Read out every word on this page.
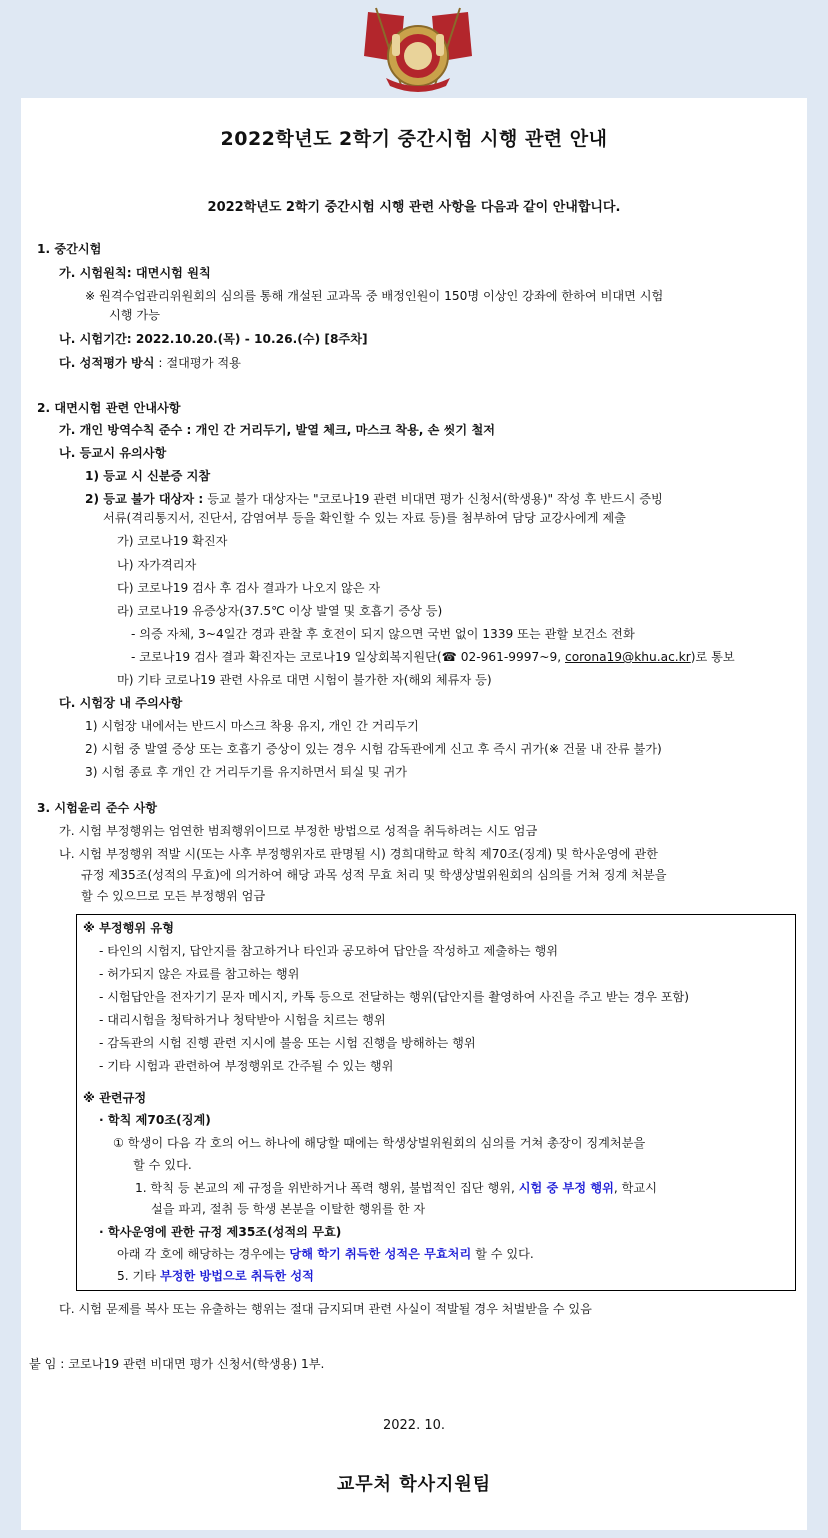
2022학년도 2학기 중간시험 시행 관련 안내
2022학년도 2학기 중간시험 시행 관련 사항을 다음과 같이 안내합니다.
1. 중간시험
가. 시험원칙: 대면시험 원칙
※ 원격수업관리위원회의 심의를 통해 개설된 교과목 중 배정인원이 150명 이상인 강좌에 한하여 비대면 시험
시행 가능
나. 시험기간: 2022.10.20.(목) - 10.26.(수) [8주차]
다. 성적평가 방식 : 절대평가 적용
2. 대면시험 관련 안내사항
가. 개인 방역수칙 준수 : 개인 간 거리두기, 발열 체크, 마스크 착용, 손 씻기 철저
나. 등교시 유의사항
1) 등교 시 신분증 지참
2) 등교 불가 대상자 : 등교 불가 대상자는 "코로나19 관련 비대면 평가 신청서(학생용)" 작성 후 반드시 증빙
서류(격리통지서, 진단서, 감염여부 등을 확인할 수 있는 자료 등)를 첨부하여 담당 교강사에게 제출
가) 코로나19 확진자
나) 자가격리자
다) 코로나19 검사 후 검사 결과가 나오지 않은 자
라) 코로나19 유증상자(37.5℃ 이상 발열 및 호흡기 증상 등)
- 의증 자체, 3~4일간 경과 관찰 후 호전이 되지 않으면 국번 없이 1339 또는 관할 보건소 전화
- 코로나19 검사 결과 확진자는 코로나19 일상회복지원단(☎ 02-961-9997~9, corona19@khu.ac.kr)로 통보
마) 기타 코로나19 관련 사유로 대면 시험이 불가한 자(해외 체류자 등)
다. 시험장 내 주의사항
1) 시험장 내에서는 반드시 마스크 착용 유지, 개인 간 거리두기
2) 시험 중 발열 증상 또는 호흡기 증상이 있는 경우 시험 감독관에게 신고 후 즉시 귀가(※ 건물 내 잔류 불가)
3) 시험 종료 후 개인 간 거리두기를 유지하면서 퇴실 및 귀가
3. 시험윤리 준수 사항
가. 시험 부정행위는 엄연한 범죄행위이므로 부정한 방법으로 성적을 취득하려는 시도 엄금
나. 시험 부정행위 적발 시(또는 사후 부정행위자로 판명될 시) 경희대학교 학칙 제70조(징계) 및 학사운영에 관한
규정 제35조(성적의 무효)에 의거하여 해당 과목 성적 무효 처리 및 학생상벌위원회의 심의를 거쳐 징계 처분을
할 수 있으므로 모든 부정행위 엄금
※ 부정행위 유형
- 타인의 시험지, 답안지를 참고하거나 타인과 공모하여 답안을 작성하고 제출하는 행위
- 허가되지 않은 자료를 참고하는 행위
- 시험답안을 전자기기 문자 메시지, 카톡 등으로 전달하는 행위(답안지를 촬영하여 사진을 주고 받는 경우 포함)
- 대리시험을 청탁하거나 청탁받아 시험을 치르는 행위
- 감독관의 시험 진행 관련 지시에 불응 또는 시험 진행을 방해하는 행위
- 기타 시험과 관련하여 부정행위로 간주될 수 있는 행위
※ 관련규정
· 학칙 제70조(징계)
① 학생이 다음 각 호의 어느 하나에 해당할 때에는 학생상벌위원회의 심의를 거쳐 총장이 징계처분을
할 수 있다.
1. 학칙 등 본교의 제 규정을 위반하거나 폭력 행위, 불법적인 집단 행위, 시험 중 부정 행위, 학교시
설을 파괴, 절취 등 학생 본분을 이탈한 행위를 한 자
· 학사운영에 관한 규정 제35조(성적의 무효)
아래 각 호에 해당하는 경우에는 당해 학기 취득한 성적은 무효처리 할 수 있다.
5. 기타 부정한 방법으로 취득한 성적
다. 시험 문제를 복사 또는 유출하는 행위는 절대 금지되며 관련 사실이 적발될 경우 처벌받을 수 있음
붙 임 : 코로나19 관련 비대면 평가 신청서(학생용) 1부.
2022. 10.
교무처 학사지원팀
